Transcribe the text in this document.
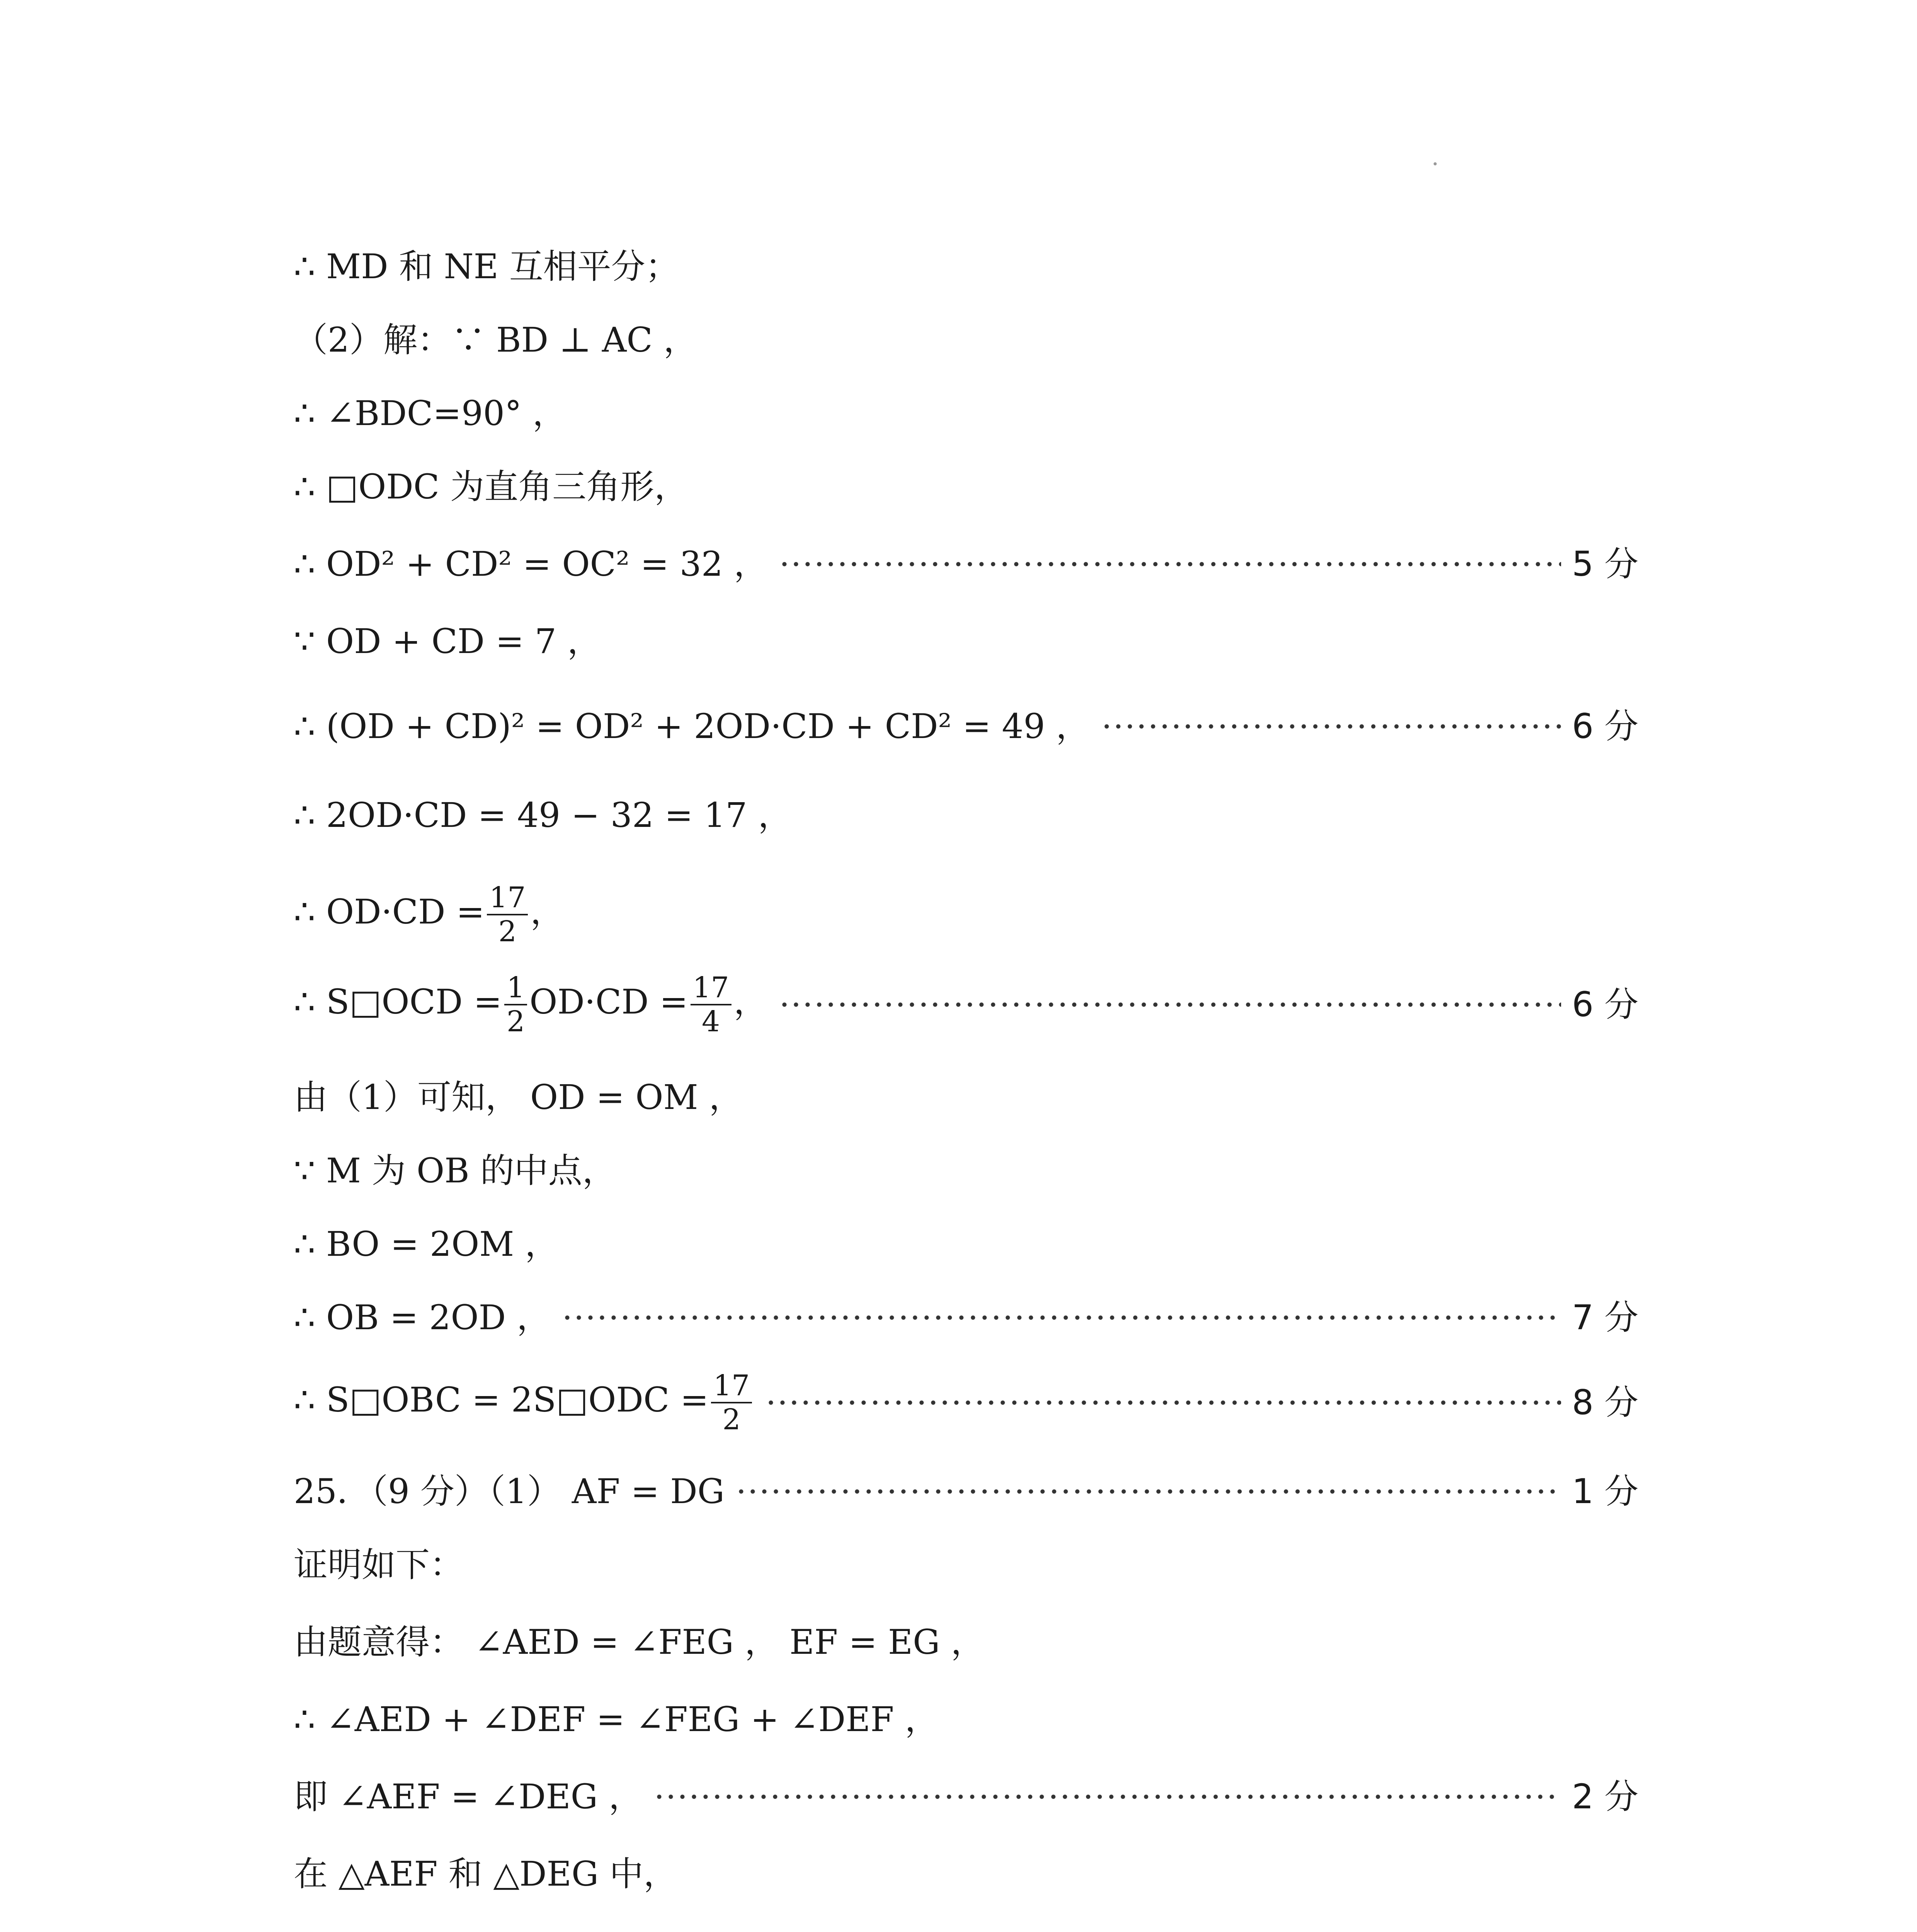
∴ MD 和 NE 互相平分；
（2）解：∵ BD ⊥ AC ，
∴ ∠BDC=90° ，
∴ □ODC 为直角三角形，
∴ OD² + CD² = OC² = 32 ，	5 分
∵ OD + CD = 7 ，
∴ (OD + CD)² = OD² + 2OD·CD + CD² = 49 ，	6 分
∴ 2OD·CD = 49 − 32 = 17 ，
∴ $OD\cdot CD = \frac{17}{2}$ ，
∴ S□OCD = $\frac{1}{2} OD\cdot CD = \frac{17}{4}$ ，	6 分
由（1）可知， OD = OM ，
∵ M 为 OB 的中点，
∴ BO = 2OM ，
∴ OB = 2OD ，	7 分
∴ S□OBC = 2S□ODC = $\frac{17}{2}$	8 分
25．（9 分）（1） AF = DG	1 分
证明如下：
由题意得： ∠AED = ∠FEG ， EF = EG ，
∴ ∠AED + ∠DEF = ∠FEG + ∠DEF ，
即 ∠AEF = ∠DEG ，	2 分
在 △AEF 和 △DEG 中，
